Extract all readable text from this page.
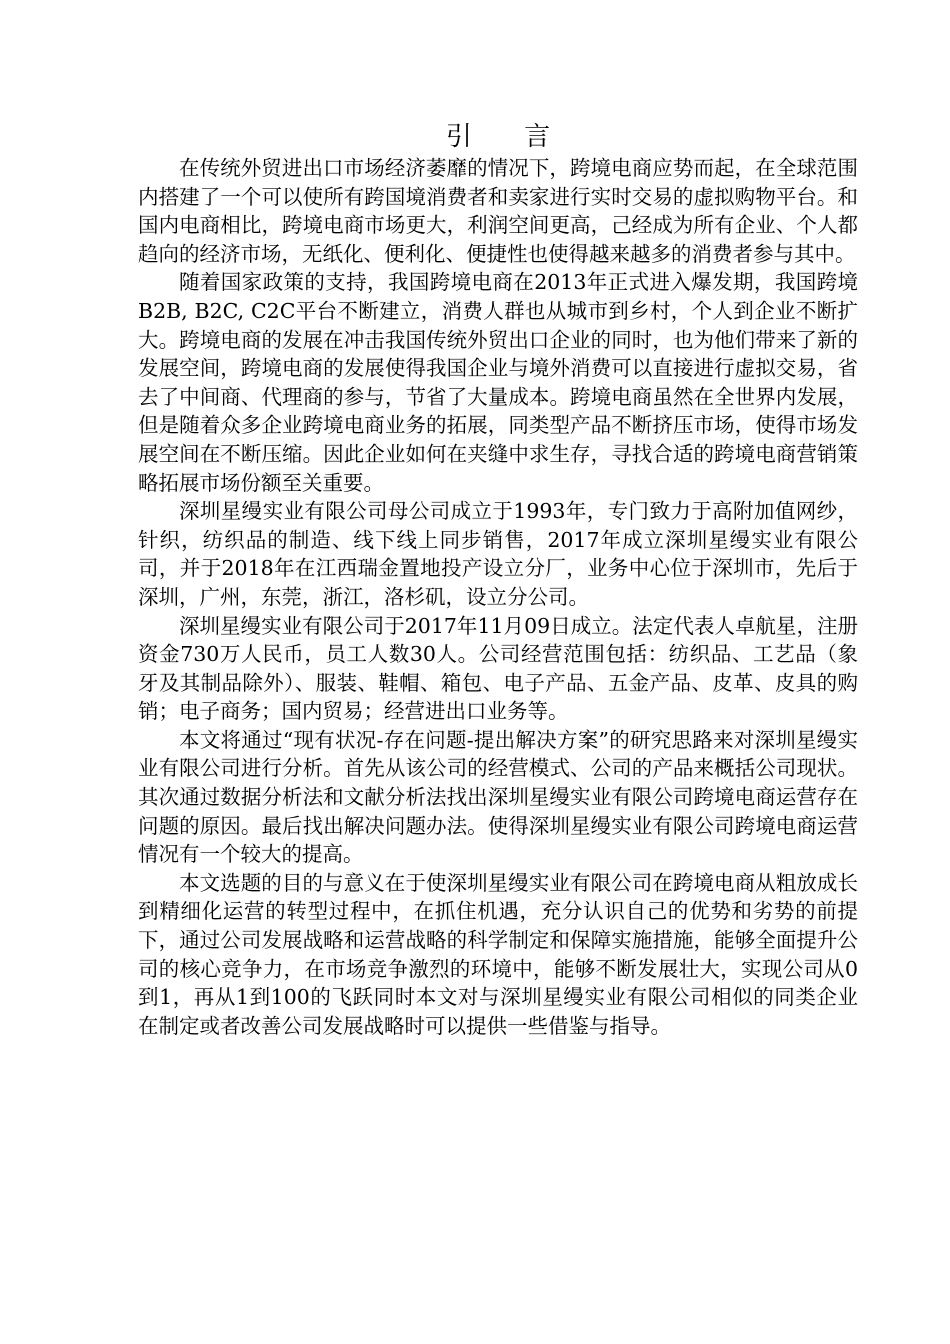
引 言

在传统外贸进出口市场经济萎靡的情况下，跨境电商应势而起，在全球范围内搭建了一个可以使所有跨国境消费者和卖家进行实时交易的虚拟购物平台。和国内电商相比，跨境电商市场更大，利润空间更高，己经成为所有企业、个人都趋向的经济市场，无纸化、便利化、便捷性也使得越来越多的消费者参与其中。

随着国家政策的支持，我国跨境电商在2013年正式进入爆发期，我国跨境B2B, B2C, C2C平台不断建立，消费人群也从城市到乡村，个人到企业不断扩大。跨境电商的发展在冲击我国传统外贸出口企业的同时，也为他们带来了新的发展空间，跨境电商的发展使得我国企业与境外消费可以直接进行虚拟交易，省去了中间商、代理商的参与，节省了大量成本。跨境电商虽然在全世界内发展，但是随着众多企业跨境电商业务的拓展，同类型产品不断挤压市场，使得市场发展空间在不断压缩。因此企业如何在夹缝中求生存，寻找合适的跨境电商营销策略拓展市场份额至关重要。

深圳星缦实业有限公司母公司成立于1993年，专门致力于高附加值网纱，针织，纺织品的制造、线下线上同步销售，2017年成立深圳星缦实业有限公司，并于2018年在江西瑞金置地投产设立分厂，业务中心位于深圳市，先后于深圳，广州，东莞，浙江，洛杉矶，设立分公司。

深圳星缦实业有限公司于2017年11月09日成立。法定代表人卓航星，注册资金730万人民币，员工人数30人。公司经营范围包括：纺织品、工艺品（象牙及其制品除外）、服装、鞋帽、箱包、电子产品、五金产品、皮革、皮具的购销；电子商务；国内贸易；经营进出口业务等。

本文将通过“现有状况-存在问题-提出解决方案”的研究思路来对深圳星缦实业有限公司进行分析。首先从该公司的经营模式、公司的产品来概括公司现状。其次通过数据分析法和文献分析法找出深圳星缦实业有限公司跨境电商运营存在问题的原因。最后找出解决问题办法。使得深圳星缦实业有限公司跨境电商运营情况有一个较大的提高。

本文选题的目的与意义在于使深圳星缦实业有限公司在跨境电商从粗放成长到精细化运营的转型过程中，在抓住机遇，充分认识自己的优势和劣势的前提下，通过公司发展战略和运营战略的科学制定和保障实施措施，能够全面提升公司的核心竞争力，在市场竞争激烈的环境中，能够不断发展壮大，实现公司从0到1，再从1到100的飞跃同时本文对与深圳星缦实业有限公司相似的同类企业在制定或者改善公司发展战略时可以提供一些借鉴与指导。
